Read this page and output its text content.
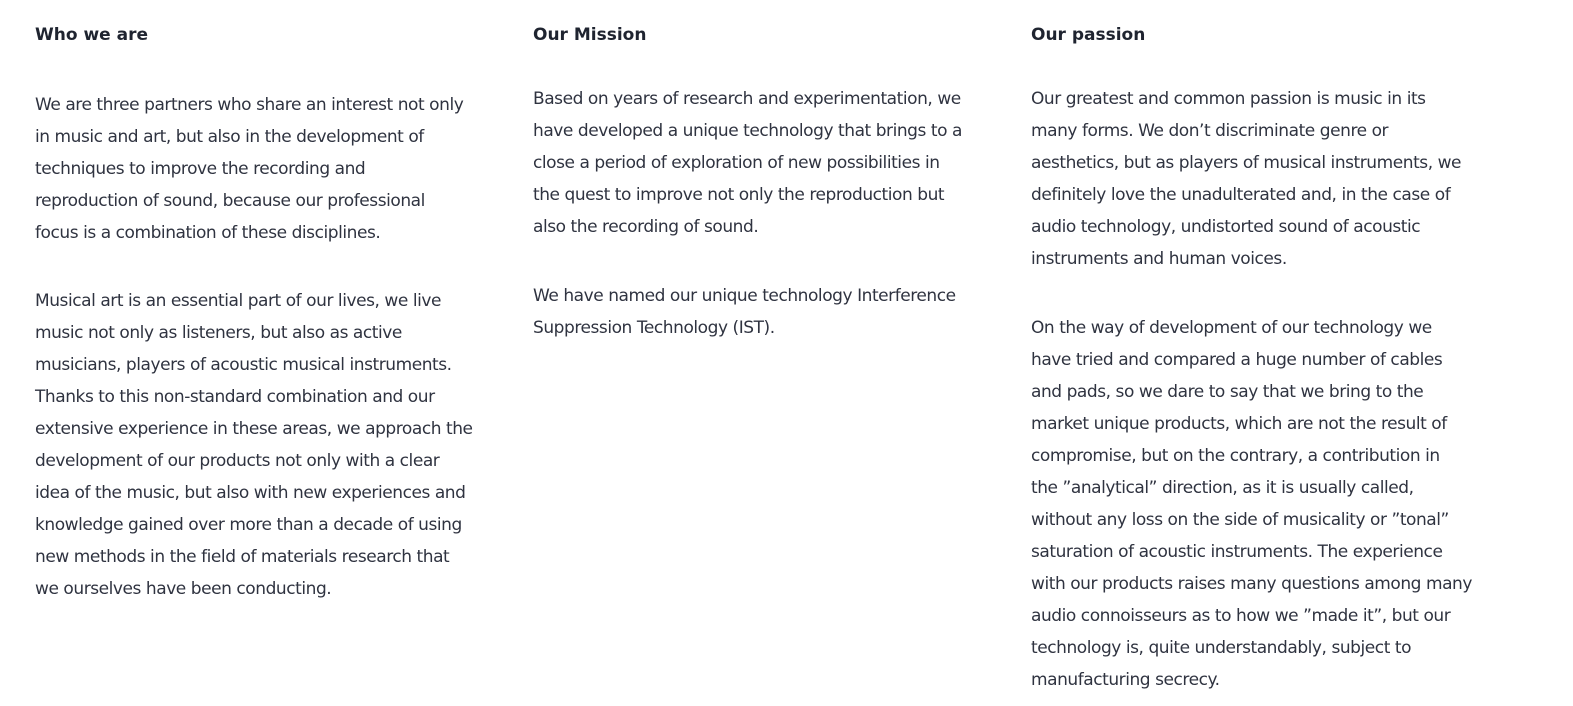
Who we are

We are three partners who share an interest not only
in music and art, but also in the development of
techniques to improve the recording and
reproduction of sound, because our professional
focus is a combination of these disciplines.

Musical art is an essential part of our lives, we live
music not only as listeners, but also as active
musicians, players of acoustic musical instruments.
Thanks to this non-standard combination and our
extensive experience in these areas, we approach the
development of our products not only with a clear
idea of the music, but also with new experiences and
knowledge gained over more than a decade of using
new methods in the field of materials research that
we ourselves have been conducting.

Our Mission

Based on years of research and experimentation, we
have developed a unique technology that brings to a
close a period of exploration of new possibilities in
the quest to improve not only the reproduction but
also the recording of sound.

We have named our unique technology Interference
Suppression Technology (IST).

Our passion

Our greatest and common passion is music in its
many forms. We don’t discriminate genre or
aesthetics, but as players of musical instruments, we
definitely love the unadulterated and, in the case of
audio technology, undistorted sound of acoustic
instruments and human voices.

On the way of development of our technology we
have tried and compared a huge number of cables
and pads, so we dare to say that we bring to the
market unique products, which are not the result of
compromise, but on the contrary, a contribution in
the ”analytical” direction, as it is usually called,
without any loss on the side of musicality or ”tonal”
saturation of acoustic instruments. The experience
with our products raises many questions among many
audio connoisseurs as to how we ”made it”, but our
technology is, quite understandably, subject to
manufacturing secrecy.
